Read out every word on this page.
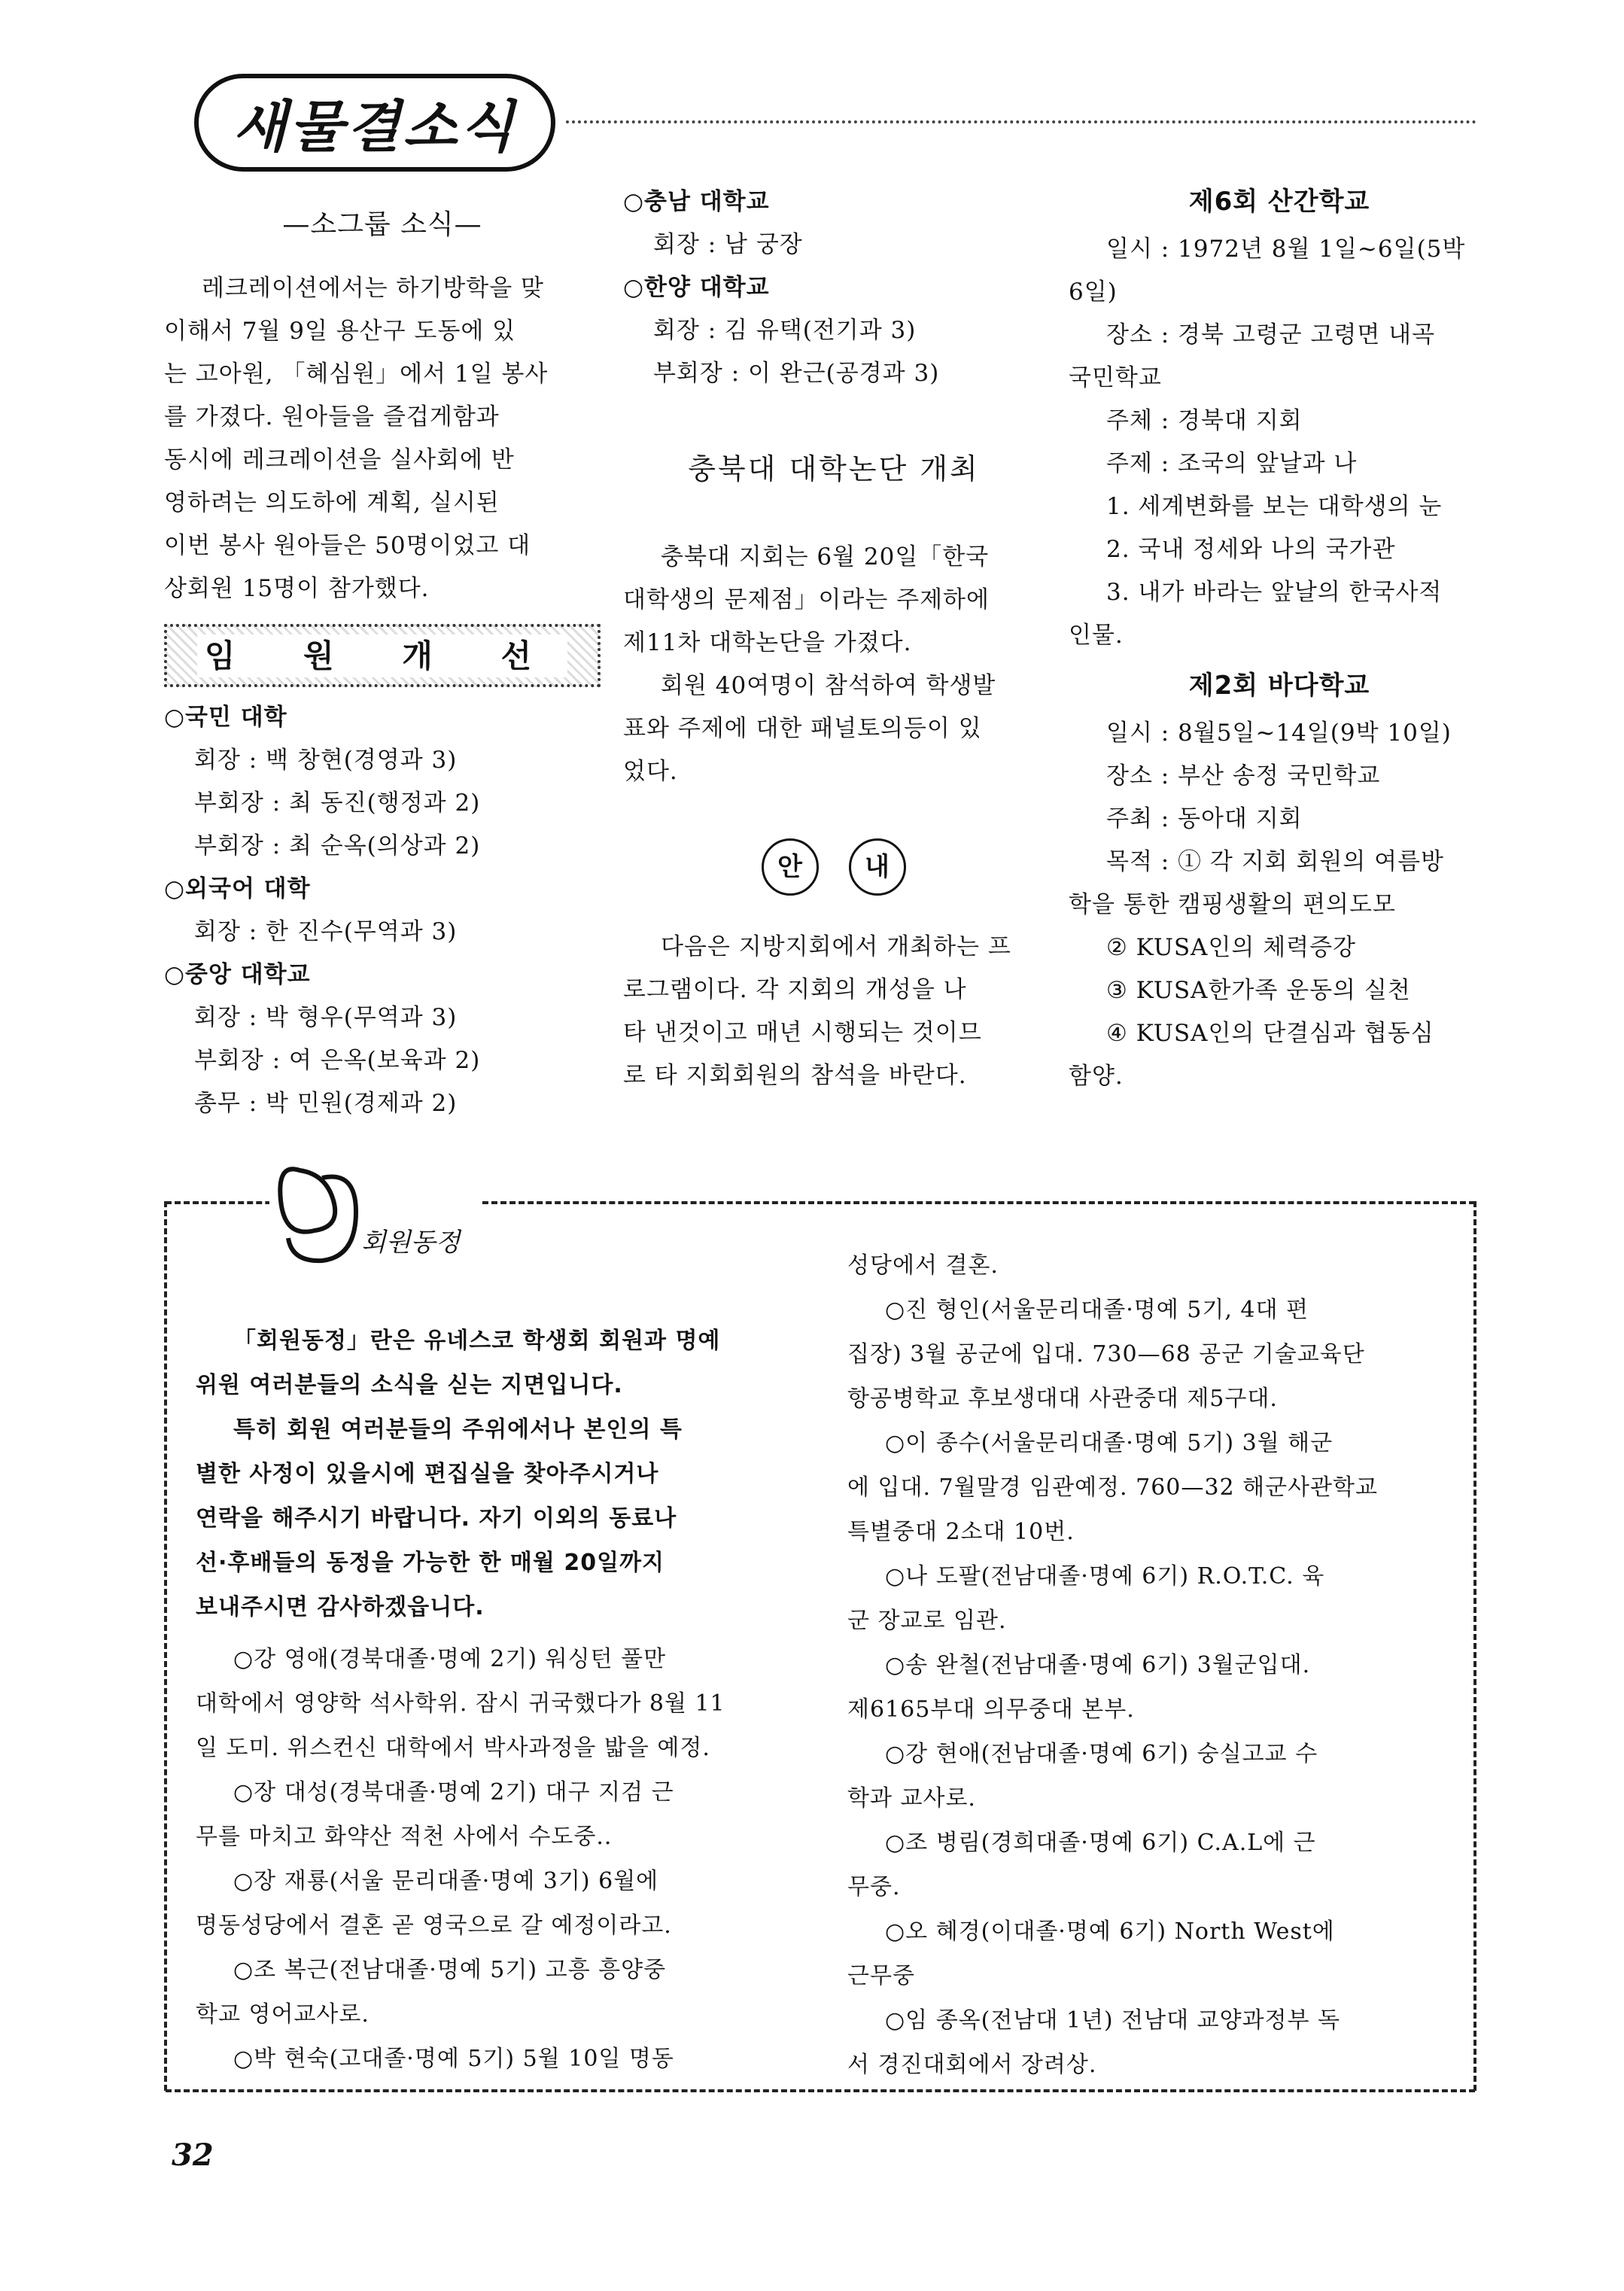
새물결소식

—소그룹 소식—

레크레이션에서는 하기방학을 맞

이해서 7월 9일 용산구 도동에 있

는 고아원, 「혜심원」에서 1일 봉사

를 가졌다. 원아들을 즐겁게함과

동시에 레크레이션을 실사회에 반

영하려는 의도하에 계획, 실시된

이번 봉사 원아들은 50명이었고 대

상회원 15명이 참가했다.

임 원 개 선

○국민 대학

회장 : 백 창현(경영과 3)

부회장 : 최 동진(행정과 2)

부회장 : 최 순옥(의상과 2)

○외국어 대학

회장 : 한 진수(무역과 3)

○중앙 대학교

회장 : 박 형우(무역과 3)

부회장 : 여 은옥(보육과 2)

총무 : 박 민원(경제과 2)

○충남 대학교

회장 : 남 궁장

○한양 대학교

회장 : 김 유택(전기과 3)

부회장 : 이 완근(공경과 3)

충북대 대학논단 개최

충북대 지회는 6월 20일「한국

대학생의 문제점」이라는 주제하에

제11차 대학논단을 가졌다.

회원 40여명이 참석하여 학생발

표와 주제에 대한 패널토의등이 있

었다.

안	내

다음은 지방지회에서 개최하는 프

로그램이다. 각 지회의 개성을 나

타 낸것이고 매년 시행되는 것이므

로 타 지회회원의 참석을 바란다.

제6회 산간학교

일시 : 1972년 8월 1일~6일(5박

6일)

장소 : 경북 고령군 고령면 내곡

국민학교

주체 : 경북대 지회

주제 : 조국의 앞날과 나

1. 세계변화를 보는 대학생의 눈

2. 국내 정세와 나의 국가관

3. 내가 바라는 앞날의 한국사적

인물.

제2회 바다학교

일시 : 8월5일~14일(9박 10일)

장소 : 부산 송정 국민학교

주최 : 동아대 지회

목적 : ① 각 지회 회원의 여름방

학을 통한 캠핑생활의 편의도모

② KUSA인의 체력증강

③ KUSA한가족 운동의 실천

④ KUSA인의 단결심과 협동심

함양.

회원동정

「회원동정」란은 유네스코 학생회 회원과 명예

위원 여러분들의 소식을 싣는 지면입니다.

특히 회원 여러분들의 주위에서나 본인의 특

별한 사정이 있을시에 편집실을 찾아주시거나

연락을 해주시기 바랍니다. 자기 이외의 동료나

선·후배들의 동정을 가능한 한 매월 20일까지

보내주시면 감사하겠읍니다.

○강 영애(경북대졸·명예 2기) 워싱턴 풀만

대학에서 영양학 석사학위. 잠시 귀국했다가 8월 11

일 도미. 위스컨신 대학에서 박사과정을 밟을 예정.

○장 대성(경북대졸·명예 2기) 대구 지검 근

무를 마치고 화약산 적천 사에서 수도중..

○장 재룡(서울 문리대졸·명예 3기) 6월에

명동성당에서 결혼 곧 영국으로 갈 예정이라고.

○조 복근(전남대졸·명예 5기) 고흥 흥양중

학교 영어교사로.

○박 현숙(고대졸·명예 5기) 5월 10일 명동

성당에서 결혼.

○진 형인(서울문리대졸·명예 5기, 4대 편

집장) 3월 공군에 입대. 730—68 공군 기술교육단

항공병학교 후보생대대 사관중대 제5구대.

○이 종수(서울문리대졸·명예 5기) 3월 해군

에 입대. 7월말경 임관예정. 760—32 해군사관학교

특별중대 2소대 10번.

○나 도팔(전남대졸·명예 6기) R.O.T.C. 육

군 장교로 임관.

○송 완철(전남대졸·명예 6기) 3월군입대.

제6165부대 의무중대 본부.

○강 현애(전남대졸·명예 6기) 숭실고교 수

학과 교사로.

○조 병림(경희대졸·명예 6기) C.A.L에 근

무중.

○오 혜경(이대졸·명예 6기) North West에

근무중

○임 종옥(전남대 1년) 전남대 교양과정부 독

서 경진대회에서 장려상.

32
